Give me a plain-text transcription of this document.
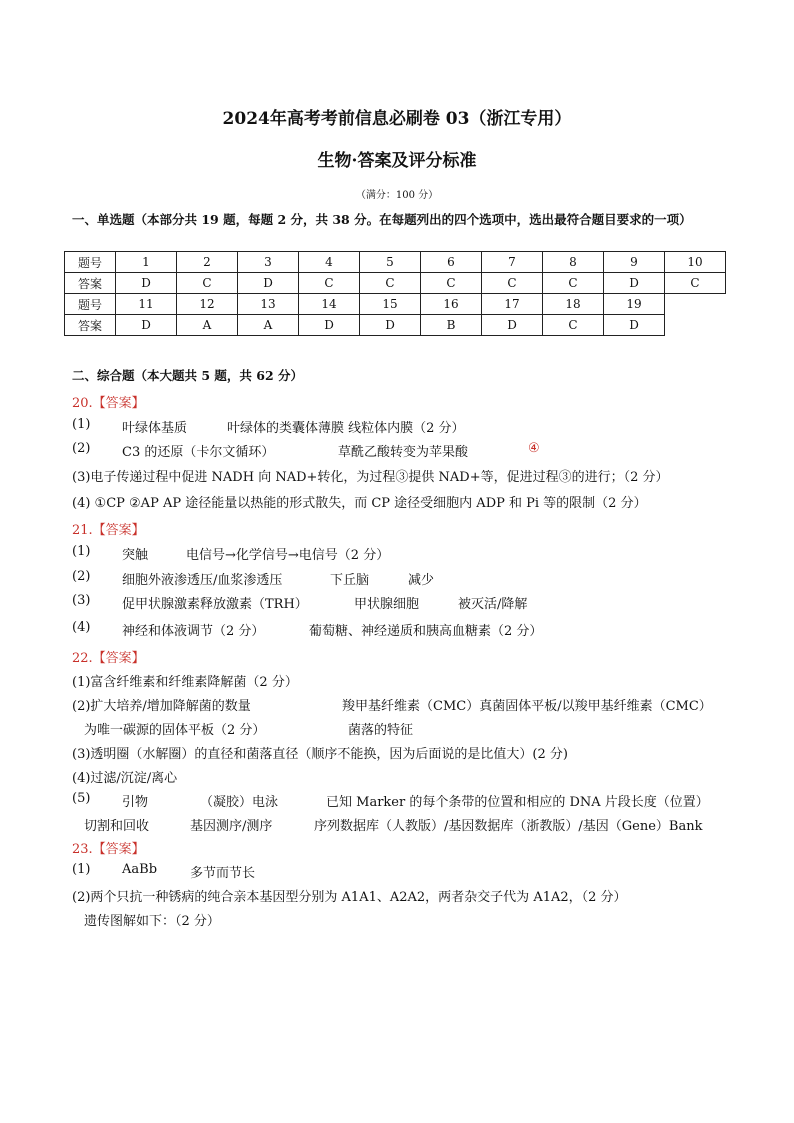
2024年高考考前信息必刷卷 03（浙江专用）
生物·答案及评分标准
（满分：100 分）
一、单选题（本部分共 19 题，每题 2 分，共 38 分。在每题列出的四个选项中，选出最符合题目要求的一项）
题号	1	2	3	4	5	6	7	8	9	10
答案	D	C	D	C	C	C	C	C	D	C
题号	11	12	13	14	15	16	17	18	19	
答案	D	A	A	D	D	B	D	C	D	
二、综合题（本大题共 5 题，共 62 分）
20.【答案】
(1) 叶绿体基质	叶绿体的类囊体薄膜 线粒体内膜（2 分）
(2) C3 的还原（卡尔文循环）	草酰乙酸转变为苹果酸	④
(3)电子传递过程中促进 NADH 向 NAD+转化，为过程③提供 NAD+等，促进过程③的进行；（2 分）
(4) ①CP ②AP AP 途径能量以热能的形式散失，而 CP 途径受细胞内 ADP 和 Pi 等的限制（2 分）
21.【答案】
(1) 突触	电信号→化学信号→电信号（2 分）
(2) 细胞外液渗透压/血浆渗透压	下丘脑	减少
(3) 促甲状腺激素释放激素（TRH）	甲状腺细胞	被灭活/降解
(4) 神经和体液调节（2 分）	葡萄糖、神经递质和胰高血糖素（2 分）
22.【答案】
(1)富含纤维素和纤维素降解菌（2 分）
(2)扩大培养/增加降解菌的数量	羧甲基纤维素（CMC）真菌固体平板/以羧甲基纤维素（CMC）
为唯一碳源的固体平板（2 分）	菌落的特征
(3)透明圈（水解圈）的直径和菌落直径（顺序不能换，因为后面说的是比值大）(2 分)
(4)过滤/沉淀/离心
(5) 引物	（凝胶）电泳	已知 Marker 的每个条带的位置和相应的 DNA 片段长度（位置）
切割和回收	基因测序/测序	序列数据库（人教版）/基因数据库（浙教版）/基因（Gene）Bank
23.【答案】
(1) AaBb	多节而节长
(2)两个只抗一种锈病的纯合亲本基因型分别为 A1A1、A2A2，两者杂交子代为 A1A2，（2 分）
遗传图解如下：（2 分）
